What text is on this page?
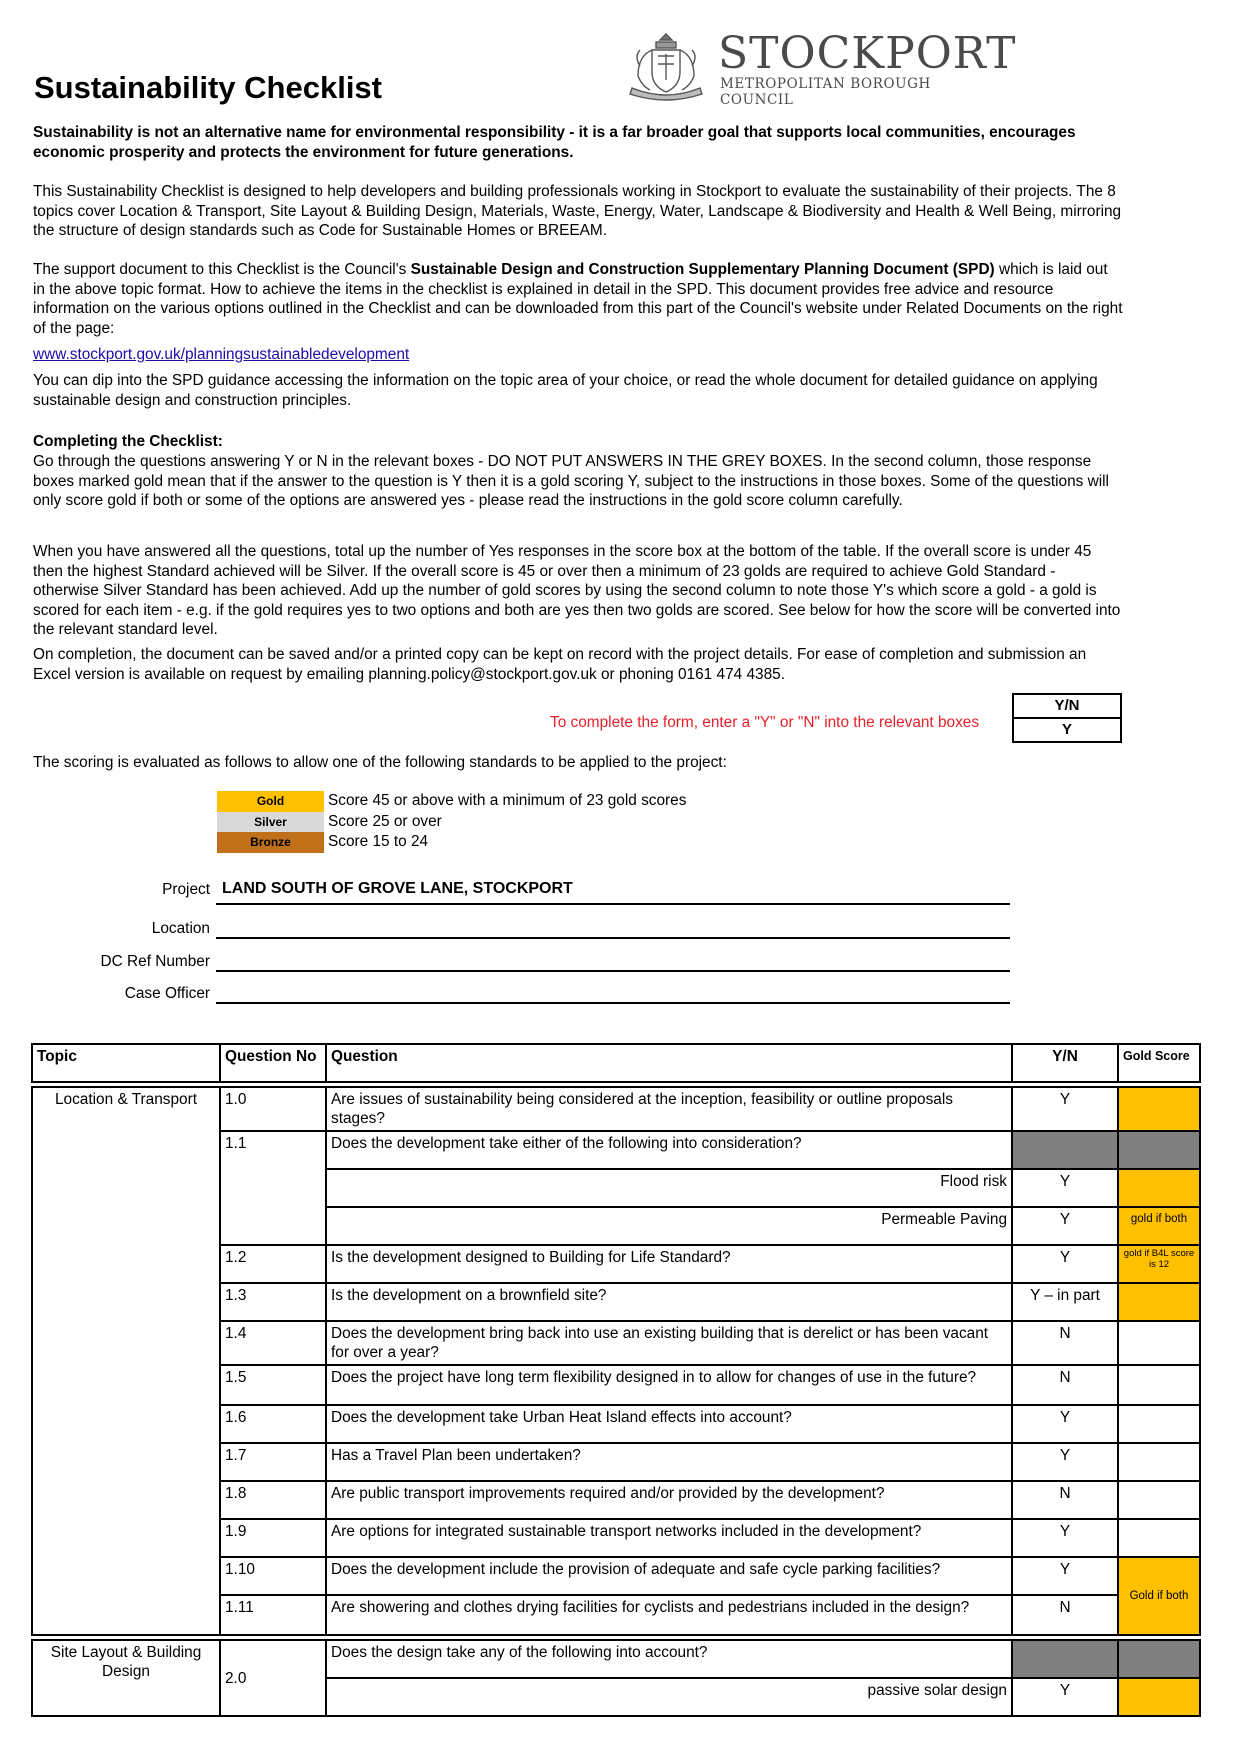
Sustainability Checklist
STOCKPORT
METROPOLITAN BOROUGH COUNCIL
Sustainability is not an alternative name for environmental responsibility - it is a far broader goal that supports local communities, encourages economic prosperity and protects the environment for future generations.
This Sustainability Checklist is designed to help developers and building professionals working in Stockport to evaluate the sustainability of their projects. The 8 topics cover Location & Transport, Site Layout & Building Design, Materials, Waste, Energy, Water, Landscape & Biodiversity and Health & Well Being, mirroring the structure of design standards such as Code for Sustainable Homes or BREEAM.
The support document to this Checklist is the Council's Sustainable Design and Construction Supplementary Planning Document (SPD) which is laid out in the above topic format. How to achieve the items in the checklist is explained in detail in the SPD. This document provides free advice and resource information on the various options outlined in the Checklist and can be downloaded from this part of the Council's website under Related Documents on the right of the page:
www.stockport.gov.uk/planningsustainabledevelopment
You can dip into the SPD guidance accessing the information on the topic area of your choice, or read the whole document for detailed guidance on applying sustainable design and construction principles.
Completing the Checklist:
Go through the questions answering Y or N in the relevant boxes - DO NOT PUT ANSWERS IN THE GREY BOXES. In the second column, those response boxes marked gold mean that if the answer to the question is Y then it is a gold scoring Y, subject to the instructions in those boxes. Some of the questions will only score gold if both or some of the options are answered yes - please read the instructions in the gold score column carefully.
When you have answered all the questions, total up the number of Yes responses in the score box at the bottom of the table. If the overall score is under 45 then the highest Standard achieved will be Silver. If the overall score is 45 or over then a minimum of 23 golds are required to achieve Gold Standard - otherwise Silver Standard has been achieved. Add up the number of gold scores by using the second column to note those Y's which score a gold - a gold is scored for each item - e.g. if the gold requires yes to two options and both are yes then two golds are scored. See below for how the score will be converted into the relevant standard level.
On completion, the document can be saved and/or a printed copy can be kept on record with the project details. For ease of completion and submission an Excel version is available on request by emailing planning.policy@stockport.gov.uk or phoning 0161 474 4385.
To complete the form, enter a "Y" or "N" into the relevant boxes
Y/N
Y
The scoring is evaluated as follows to allow one of the following standards to be applied to the project:
Gold	Score 45 or above with a minimum of 23 gold scores
Silver	Score 25 or over
Bronze	Score 15 to 24
Project LAND SOUTH OF GROVE LANE, STOCKPORT
Location
DC Ref Number
Case Officer
Topic	Question No	Question	Y/N	Gold Score

Location & Transport	1.0	Are issues of sustainability being considered at the inception, feasibility or outline proposals stages?	Y	
	1.1	Does the development take either of the following into consideration?		
		Flood risk	Y	
		Permeable Paving	Y	gold if both
	1.2	Is the development designed to Building for Life Standard?	Y	gold if B4L score is 12
	1.3	Is the development on a brownfield site?	Y – in part	
	1.4	Does the development bring back into use an existing building that is derelict or has been vacant for over a year?	N	
	1.5	Does the project have long term flexibility designed in to allow for changes of use in the future?	N	
	1.6	Does the development take Urban Heat Island effects into account?	Y	
	1.7	Has a Travel Plan been undertaken?	Y	
	1.8	Are public transport improvements required and/or provided by the development?	N	
	1.9	Are options for integrated sustainable transport networks included in the development?	Y	
	1.10	Does the development include the provision of adequate and safe cycle parking facilities?	Y	Gold if both
	1.11	Are showering and clothes drying facilities for cyclists and pedestrians included in the design?	N	

Site Layout & Building Design	2.0	Does the design take any of the following into account?		
		passive solar design	Y	
